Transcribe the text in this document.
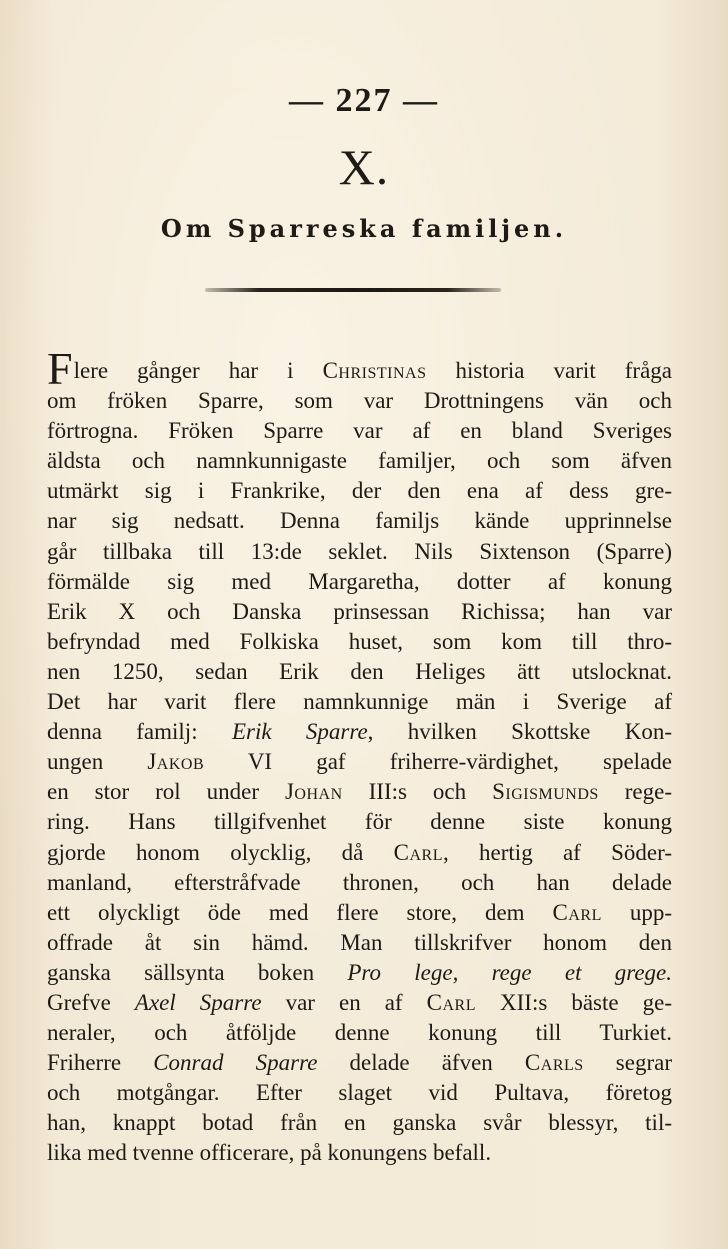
— 227 —
X.
Om Sparreska familjen.
Flere gånger har i Christinas historia varit fråga
om fröken Sparre, som var Drottningens vän och
förtrogna. Fröken Sparre var af en bland Sveriges
äldsta och namnkunnigaste familjer, och som äfven
utmärkt sig i Frankrike, der den ena af dess gre-
nar sig nedsatt. Denna familjs kände upprinnelse
går tillbaka till 13:de seklet. Nils Sixtenson (Sparre)
förmälde sig med Margaretha, dotter af konung
Erik X och Danska prinsessan Richissa; han var
befryndad med Folkiska huset, som kom till thro-
nen 1250, sedan Erik den Heliges ätt utslocknat.
Det har varit flere namnkunnige män i Sverige af
denna familj: Erik Sparre, hvilken Skottske Kon-
ungen Jakob VI gaf friherre-värdighet, spelade
en stor rol under Johan III:s och Sigismunds rege-
ring. Hans tillgifvenhet för denne siste konung
gjorde honom olycklig, då Carl, hertig af Söder-
manland, efterstråfvade thronen, och han delade
ett olyckligt öde med flere store, dem Carl upp-
offrade åt sin hämd. Man tillskrifver honom den
ganska sällsynta boken Pro lege, rege et grege.
Grefve Axel Sparre var en af Carl XII:s bäste ge-
neraler, och åtföljde denne konung till Turkiet.
Friherre Conrad Sparre delade äfven Carls segrar
och motgångar. Efter slaget vid Pultava, företog
han, knappt botad från en ganska svår blessyr, til-
lika med tvenne officerare, på konungens befall.
